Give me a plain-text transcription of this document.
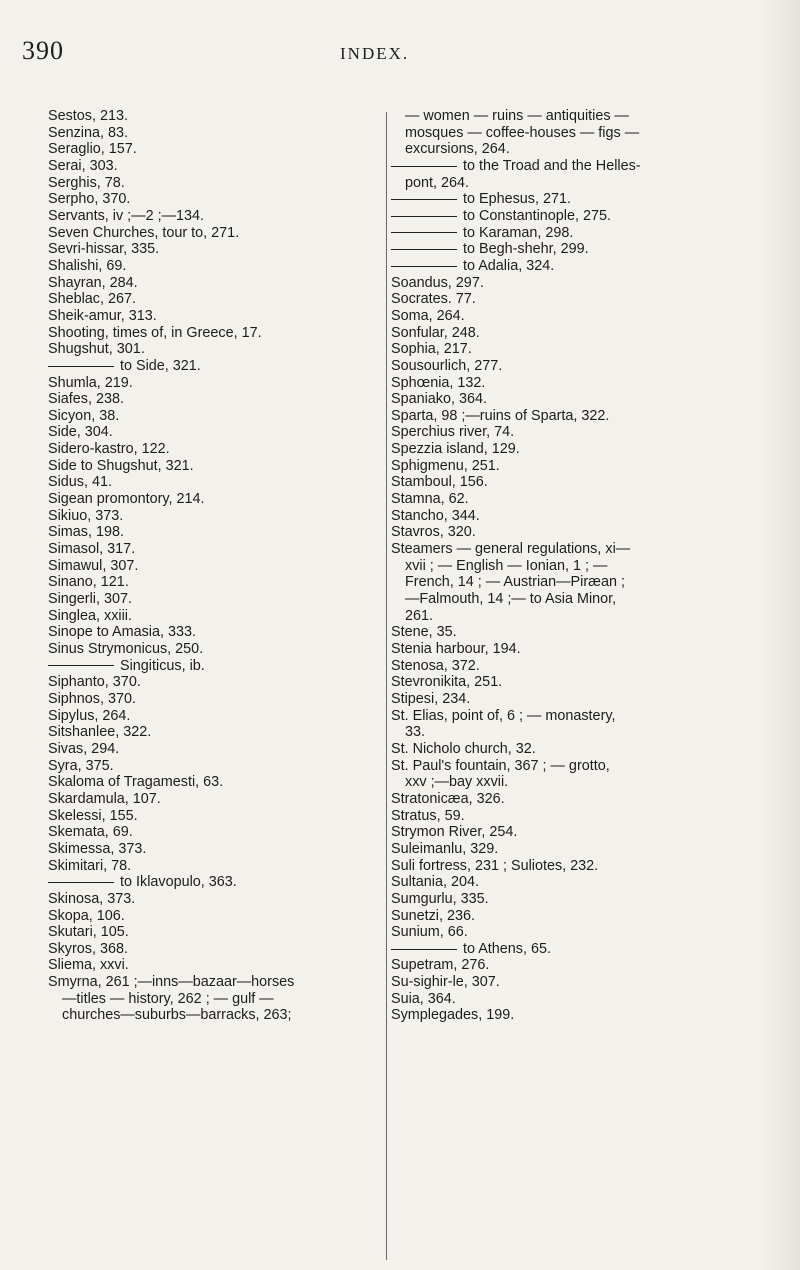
390	INDEX.
Sestos, 213.
Senzina, 83.
Seraglio, 157.
Serai, 303.
Serghis, 78.
Serpho, 370.
Servants, iv ;—2 ;—134.
Seven Churches, tour to, 271.
Sevri-hissar, 335.
Shalishi, 69.
Shayran, 284.
Sheblac, 267.
Sheik-amur, 313.
Shooting, times of, in Greece, 17.
Shugshut, 301.
to Side, 321.
Shumla, 219.
Siafes, 238.
Sicyon, 38.
Side, 304.
Sidero-kastro, 122.
Side to Shugshut, 321.
Sidus, 41.
Sigean promontory, 214.
Sikiuo, 373.
Simas, 198.
Simasol, 317.
Simawul, 307.
Sinano, 121.
Singerli, 307.
Singlea, xxiii.
Sinope to Amasia, 333.
Sinus Strymonicus, 250.
Singiticus, ib.
Siphanto, 370.
Siphnos, 370.
Sipylus, 264.
Sitshanlee, 322.
Sivas, 294.
Syra, 375.
Skaloma of Tragamesti, 63.
Skardamula, 107.
Skelessi, 155.
Skemata, 69.
Skimessa, 373.
Skimitari, 78.
to Iklavopulo, 363.
Skinosa, 373.
Skopa, 106.
Skutari, 105.
Skyros, 368.
Sliema, xxvi.
Smyrna, 261 ;—inns—bazaar—horses
—titles — history, 262 ; — gulf —
churches—suburbs—barracks, 263;
— women — ruins — antiquities —
mosques — coffee-houses — figs —
excursions, 264.
to the Troad and the Helles-
pont, 264.
to Ephesus, 271.
to Constantinople, 275.
to Karaman, 298.
to Begh-shehr, 299.
to Adalia, 324.
Soandus, 297.
Socrates. 77.
Soma, 264.
Sonfular, 248.
Sophia, 217.
Sousourlich, 277.
Sphœnia, 132.
Spaniako, 364.
Sparta, 98 ;—ruins of Sparta, 322.
Sperchius river, 74.
Spezzia island, 129.
Sphigmenu, 251.
Stamboul, 156.
Stamna, 62.
Stancho, 344.
Stavros, 320.
Steamers — general regulations, xi—
xvii ; — English — Ionian, 1 ; —
French, 14 ; — Austrian—Piræan ;
—Falmouth, 14 ;— to Asia Minor,
261.
Stene, 35.
Stenia harbour, 194.
Stenosa, 372.
Stevronikita, 251.
Stipesi, 234.
St. Elias, point of, 6 ; — monastery,
33.
St. Nicholo church, 32.
St. Paul's fountain, 367 ; — grotto,
xxv ;—bay xxvii.
Stratonicæa, 326.
Stratus, 59.
Strymon River, 254.
Suleimanlu, 329.
Suli fortress, 231 ; Suliotes, 232.
Sultania, 204.
Sumgurlu, 335.
Sunetzi, 236.
Sunium, 66.
to Athens, 65.
Supetram, 276.
Su-sighir-le, 307.
Suia, 364.
Symplegades, 199.
